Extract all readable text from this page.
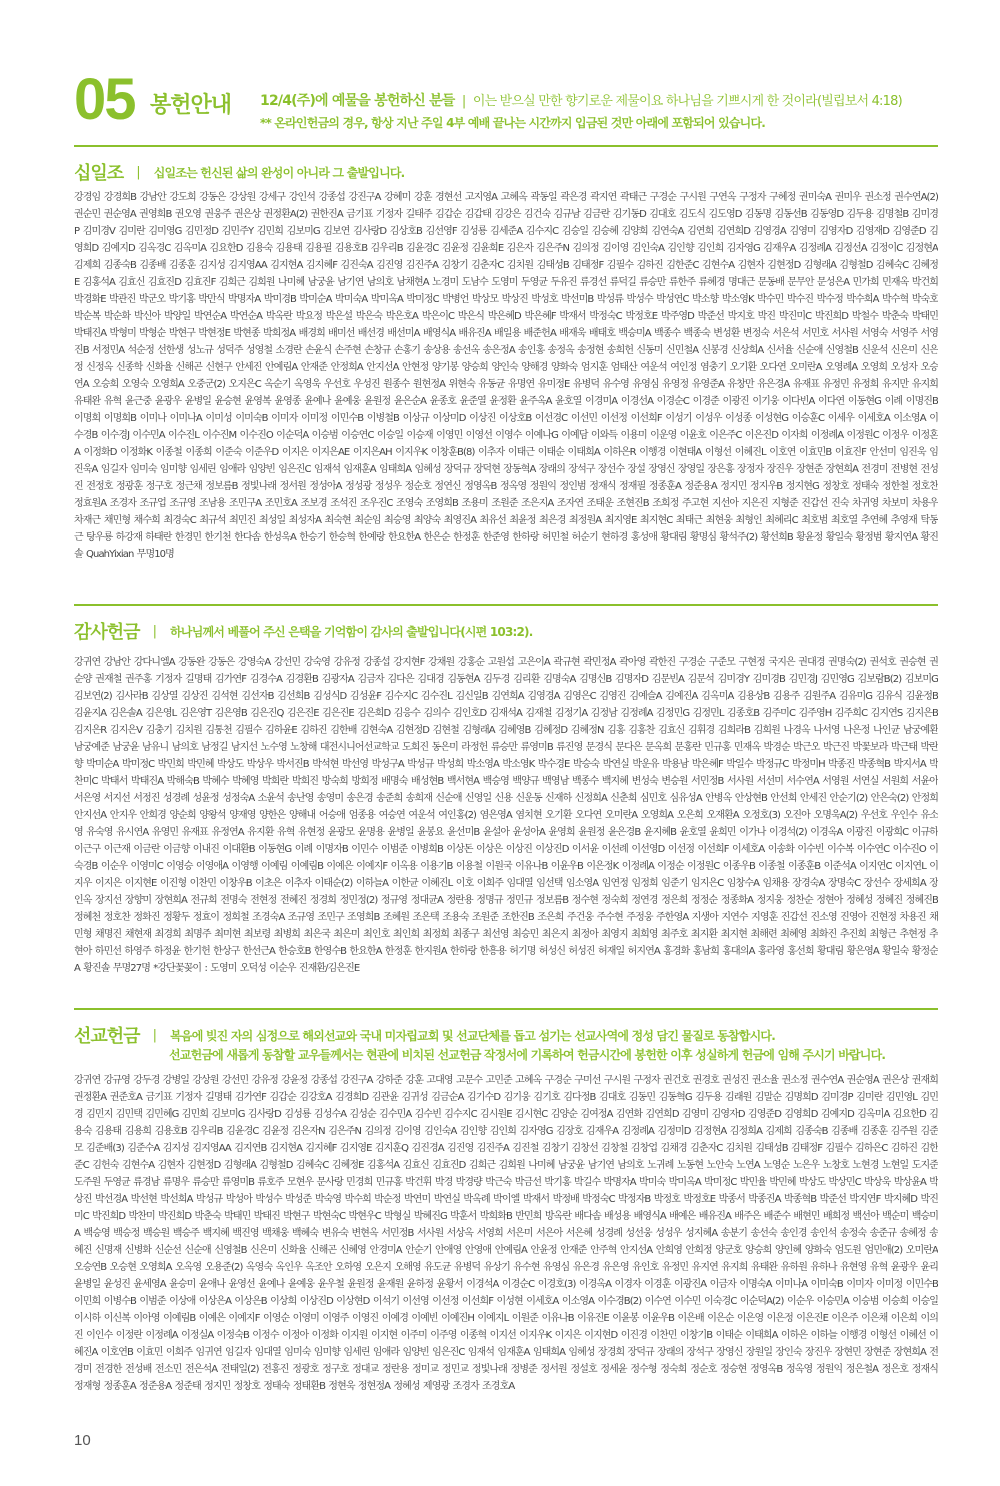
05 봉헌안내 12/4(주)에 예물을 봉헌하신 분들 | 이는 받으실 만한 향기로운 제물이요 하나님을 기쁘시게 한 것이라(빌립보서 4:18)
** 온라인헌금의 경우, 항상 지난 주일 4부 예배 끝나는 시간까지 입금된 것만 아래에 포함되어 있습니다.
십일조 | 십일조는 헌신된 삶의 완성이 아니라 그 출발입니다.
강경임 강경희B 강남안 강도희 강동은 강상원 강세구 강인석 강종섭 강진구A 강혜미 강훈 경현선 고지영A 고혜옥 곽동일 곽은경 곽지연 곽태근 구경순 구시원 구연옥 구정자 구혜정 권미숙A 권미우 권소정 권수연A(2) 권순민 권순영A 권영희B 권오영 권웅주 권은상 권정환A(2) 권한진A 금기표 기정자 길태주 김갑순 김갑태 김강은 김건숙 김규남 김금란 김기동D 김대호 김도식 김도영D 김동명 김동선B 김동영D 김두용 김명철B 김미경P 김미경V 김미란 김미영G 김민정D 김민주Y 김민희 김보미G 김보연 김사랑D 김상호B 김선영F 김성룡 김세준A 김수지C 김승일 김승혜 김양희 김연숙A 김연희 김연희D 김영경A 김영미 김영자D 김영재D 김영준D 김영희D 김예지D 김옥경C 김옥미A 김요한D 김용숙 김용태 김용필 김용호B 김우리B 김윤경C 김윤정 김윤희E 김은자 김은주N 김의정 김이영 김인숙A 김인향 김인희 김자영G 김재우A 김정례A 김정선A 김정이C 김정현A 김제희 김종숙B 김종배 김종훈 김지성 김지영AA 김지현A 김지혜F 김진숙A 김진영 김진주A 김창기 김춘자C 김치원 김태성B 김태정F 김필수 김하진 김한준C 김현수A 김현자 김현정D 김형래A 김형철D 김혜숙C 김혜정E 김홍석A 김효신 김효진D 김효진F 김희근 김희원 나미혜 남궁윤 남기연 남의호 남채현A 노경미 도남수 도영미 두영균 두유진 류경선 류덕길 류승만 류한주 류혜경 명대근 문동배 문무안 문성은A 민가희 민재옥 박건희 박경화E 박관진 박군오 박기홍 박만식 박명자A 박미경B 박미순A 박미숙A 박미옥A 박미정C 박병언 박상모 박상진 박성호 박선미B 박성류 박성수 박성연C 박소향 박소영K 박수민 박수진 박수정 박수희A 박수혁 박숙호 박순복 박순화 박신아 박양일 박연순A 박연순A 박옥란 박요정 박은설 박은숙 박은호A 박은이C 박은식 박은혜D 박은혜F 박재서 박정숙C 박정호E 박주영D 박준선 박지호 박진 박진미C 박진희D 박철수 박춘숙 박태민 박태진A 박형미 박형순 박현구 박현정E 박현종 박희정A 배경희 배미선 배선경 배선미A 배영식A 배유진A 배일용 배준헌A 배재욱 배태호 백승미A 백종수 백종숙 변성환 변정숙 서은석 서민호 서사원 서영숙 서영주 서영진B 서정민A 석순정 선한생 성노규 성덕주 성영철 소경란 손윤식 손주현 손창규 손홍기 송상용 송선옥 송은정A 송인홍 송정옥 송정현 송희헌 신동미 신민철A 신봉경 신상희A 신서율 신순애 신영철B 신운석 신은미 신은정 신정옥 신종학 신화율 신해곤 신현구 안세진 안예림A 안재준 안정희A 안지선A 안현정 양기봉 양승희 양인숙 양해경 양화숙 엄지훈 엄태산 여운석 여인정 염충기 오기환 오다연 오미란A 오영례A 오영희 오성자 오승연A 오승희 오영숙 오영희A 오중군(2) 오지은C 옥순기 옥영욱 우선호 우성진 원종수 원현정A 위현숙 유동균 유명연 유미정E 유병덕 유수영 유영심 유영정 유영준A 유창만 유은경A 유재표 유정민 유정희 유지만 유지희 유태완 유혁 윤근중 윤광우 윤병일 윤승현 윤영복 윤영종 윤예나 윤예웅 윤원정 윤은순A 윤종호 윤준열 윤정환 윤주옥A 윤호열 이경미A 이경선A 이경순C 이경준 이광진 이기웅 이다빈A 이다연 이동현G 이례 이명진B 이명희 이명희B 이미나 이미나A 이미성 이미숙B 이미자 이미정 이민수B 이병철B 이상규 이상미D 이상진 이상호B 이선경C 이선민 이선정 이선희F 이성기 이성우 이성종 이성현G 이승훈C 이세우 이세호A 이소영A 이수경B 이수경J 이수민A 이수진L 이수진M 이수진O 이순덕A 이승범 이승연C 이승일 이승재 이영민 이영선 이영수 이예나G 이예담 이와득 이용미 이운영 이윤호 이은주C 이은진D 이자희 이정례A 이정원C 이정우 이정혼A 이정화D 이정화K 이종철 이종희 이준숙 이준우D 이지은 이지은AE 이지은AH 이지우K 이창훈B(8) 이추자 이태근 이태순 이태희A 이하은R 이행경 이현태A 이형선 이혜진L 이호연 이효민B 이효진F 안선미 임진욱 임진욱A 임길자 임미숙 임미향 임세린 임애라 임양빈 임은진C 임재석 임재훈A 임태희A 임혜성 장덕규 장덕현 장동혁A 장래의 장석구 장선수 장설 장영신 장영일 장은홍 장정자 장진우 장현준 장현희A 전경미 전병현 전성진 전정호 정광훈 정구호 정근채 정보름B 정빛나래 정서원 정성아A 정성광 정성우 정순호 정연신 정영옥B 정옥영 정원익 정인범 정재식 정재필 정종훈A 정준용A 정지민 정지우B 정지현G 정창호 정태숙 정한철 정호찬 정효원A 조경자 조규업 조규영 조남용 조민구A 조민호A 조보경 조석진 조우진C 조영숙 조영희B 조용미 조원준 조은지A 조자연 조태운 조현진B 조희정 주고현 지선아 지은진 지형준 진갑선 진숙 차귀영 차보미 차용우 차재근 채민형 채수희 최경숙C 최규석 최민진 최성일 최성자A 최숙현 최순임 최승영 최양숙 최영진A 최유선 최윤정 최은경 최정원A 최지영E 최지현C 최태근 최현웅 최형인 최혜리C 최호범 최호열 추연혜 추영재 탁동근 탕우룡 하강재 하태란 한경민 한기천 한다솜 한성욱A 한승기 한승혁 한예랑 한요한A 한은순 한정훈 한준영 한하랑 허민철 허순기 현하경 홍성애 황대림 황명심 황석주(2) 황선희B 황윤정 황일숙 황정범 황지연A 황진솔 QuahYixian 무명10명
감사헌금 | 하나님께서 베풀어 주신 은택을 기억함이 감사의 출발입니다(시편 103:2).
강귀연 강남안 강다니엘A 강동완 강동은 강영숙A 강선민 강숙영 강유정 강종섭 강지현F 강채원 강홍순 고원섭 고은이A 곽규현 곽민정A 곽아영 곽한진 구경순 구준모 구현정 국지은 권대경 권명숙(2) 권석호 권승현 권순양 권재철 권주홍 기정자 길명태 김가연F 김경수A 김경환B 김광자A 김금자 김다은 김대경 김동현A 김두경 김리환 김명숙A 김명신B 김명자D 김문빈A 김문석 김미경Y 김미경B 김민경J 김민영G 김보람B(2) 김보미G 김보연(2) 김사라B 김상열 김상진 김석현 김선자B 김선희B 김성식D 김성윤F 김수지C 김수진L 김신일B 김연희A 김영경A 김영은C 김영진 김예슬A 김예진A 김옥미A 김용상B 김용주 김원주A 김유미G 김유식 김윤정B 김윤지A 김은솔A 김은영L 김은영T 김은영B 김은진Q 김은진E 김은진E 김은희D 김응수 김의수 김인호D 김재석A 김재철 김정기A 김정남 김정례A 김정민G 김정민L 김종호B 김주미C 김주영H 김주희C 김지연S 김지은B 김지은R 김지은V 김충기 김치원 김통천 김필수 김하윤E 김하진 김한배 김현숙A 김현정D 김현철 김형래A 김혜영B 김혜정D 김혜정N 김홍 김홍찬 김효신 김휘경 김희라B 김희원 나경옥 나서영 나은정 나인균 남궁예환 남궁예준 남궁윤 남유니 남의호 남정길 남지선 노수영 노창해 대전시니어선교학교 도희진 동은미 라정헌 류승만 류영미B 류진영 문경식 문다은 문옥희 문홍란 민규홍 민재옥 박경순 박근오 박근진 박꽃보라 박근태 박란향 박미순A 박미정C 박민희 박민혜 박상도 박상우 박서진B 박석현 박선영 박성구A 박성규 박성희 박소영A 박소영K 박수경E 박승숙 박연실 박운유 박용남 박은혜F 박일수 박정규C 박정미H 박종진 박종혁B 박지서A 박찬미C 박태서 박태진A 박해숙B 박혜수 박혜영 박희란 박희진 방숙희 방희정 배명숙 배성현B 백서현A 백승영 백양규 백영남 백종수 백지혜 변성숙 변승원 서민정B 서사원 서선미 서수연A 서영원 서연실 서원희 서윤아 서은영 서지선 서정진 성경례 성윤정 성정숙A 소윤석 송난영 송영미 송은경 송준희 송희재 신순애 신영일 신용 신운동 신재하 신정희A 신춘희 심민호 심유성A 안병옥 안상현B 안선희 안세진 안순기(2) 안은숙(2) 안정희 안지선A 안지우 안희경 양순희 양왕석 양재영 양한은 양해내 어승애 엄종용 여승연 여운석 여인홍(2) 염은영A 염치현 오기환 오다연 오미란A 오영희A 오은희 오재환A 오정호(3) 오진아 오명욱A(2) 우선호 우인수 유소영 유숙영 유시연A 유영민 유재표 유정연A 유지환 유혁 유현정 윤광모 윤명용 윤병일 윤봉요 윤선미B 윤설아 윤성아A 윤영희 윤원정 윤은경B 윤지혜B 윤호열 윤희민 이가나 이경석(2) 이경옥A 이광진 이광희C 이규하 이근구 이근재 이금란 이금향 이내진 이대환B 이동현G 이례 이명자B 이민수 이범준 이병희B 이상돈 이상은 이상진 이상진D 이서윤 이선례 이선영D 이선정 이선희F 이세호A 이송화 이수빈 이수복 이수연C 이수진O 이숙경B 이순우 이영미C 이영승 이영애A 이영행 이예림 이예림B 이예은 이예지F 이옥용 이용기B 이용철 이원국 이유나B 이윤우B 이은정K 이정례A 이정순 이정원C 이종우B 이종철 이종훈B 이준석A 이지연C 이지연L 이지우 이지은 이지현E 이진형 이찬민 이창우B 이초은 이추자 이태순(2) 이하늘A 이한균 이혜진L 이호 이희주 임대열 임선택 임소영A 임연정 임정희 임준기 임지은C 임창수A 임채용 장경숙A 장명숙C 장선수 장세희A 장인옥 장지선 장향미 장현희A 전규희 전명숙 전현정 전혜진 정경희 정민정(2) 정규영 정대균A 정란용 정명규 정민규 정보름B 정수현 정숙희 정연경 정은희 정정순 정종화A 정지웅 정찬순 정현아 정혜성 정혜진 정혜진B 정혜천 정호찬 정화진 정황두 정효이 정희철 조경숙A 조규영 조민구 조영희B 조혜원 조은택 조용숙 조원준 조한진B 조은희 주건웅 주수현 주정웅 주한영A 지생아 지연수 지영훈 진갑선 진소영 진영아 진현정 차용진 채민형 채명진 채현재 최경희 최명주 최미현 최보령 최병희 최은국 최은미 최인호 최인희 최정희 최종구 최선영 최승민 최은지 최정아 최영지 최희영 최주호 최지환 최지현 최해련 최혜영 최화진 추진희 최형근 추현정 추현아 하민선 하영주 하정윤 한기헌 한상구 한선근A 한승호B 한영수B 한요한A 한정훈 한지원A 한하랑 한흥용 허기명 허성신 허성진 허재일 허지연A 홍경화 홍남희 홍대의A 홍라영 홍선희 황대림 황은영A 황일숙 황정순A 황진솔 무명27명 *강단꽃꽂이 : 도영미 오덕성 이순우 진재환/김은진E
선교헌금 | 복음에 빚진 자의 심정으로 해외선교와 국내 미자립교회 및 선교단체를 돕고 섬기는 선교사역에 정성 담긴 물질로 동참합시다.
선교헌금에 새롭게 동참할 교우들께서는 현관에 비치된 선교헌금 작정서에 기록하여 헌금시간에 봉헌한 이후 성실하게 헌금에 임해 주시기 바랍니다.
강귀연 강규영 강두경 강병일 강상원 강선민 강유정 강윤정 강종섭 강진구A 강하준 강훈 고대영 고문수 고민준 고혜옥 구경순 구미선 구시원 구정자 권건호 권경호 권성진 권소율 권소정 권수연A 권순영A 권은상 권재희 권정환A 권준호A 금기표 기정자 길명태 김가연F 김갑순 김강호A 김경희D 김관윤 김귀성 김금순A 김기수D 김기웅 김기호 김다정B 김대호 김동민 김동혁G 김두용 김래원 김말순 김명희D 김미경P 김미란 김민영L 김민경 김민지 김민택 김민혜G 김민희 김보미G 김사랑D 김성룡 김성수A 김성순 김수민A 김수빈 김수지C 김시원E 김시현C 김양순 김여정A 김연화 김연희D 김영미 김영자D 김영준D 김영희D 김예지D 김옥미A 김요한D 김용숙 김용태 김용희 김용호B 김우리B 김윤경C 김윤정 김은자N 김은주N 김의정 김이영 김인숙A 김인향 김인희 김자영G 김장호 김재우A 김정례A 김정미D 김정현A 김정희A 김제희 김종숙B 김종배 김종훈 김주원 김준모 김준배(3) 김준수A 김지성 김지영AA 김지연B 김지현A 김지혜F 김지영E 김지훈Q 김진경A 김진영 김진주A 김진철 김창기 김창선 김창철 김창업 김채경 김춘자C 김치원 김태성B 김태정F 김필수 김하은C 김하진 김한준C 김헌숙 김현수A 김현자 김현정D 김형래A 김형철D 김혜숙C 김혜정E 김홍석A 김효신 김효진D 김희근 김희원 나미혜 남궁윤 남기연 남의호 노귀례 노동현 노안숙 노연A 노영순 노은우 노창호 노현경 노현일 도지준 도주원 두영균 류경남 류명우 류승만 류영미B 류호주 모현우 문사랑 민경희 민규홍 박건휘 박경 박경량 박근숙 박금선 박기홍 박길수 박명자A 박미숙 박미옥A 박미정C 박민율 박민혜 박상도 박상민C 박상욱 박상윤A 박상진 박선경A 박선현 박선희A 박성규 박성아 박성수 박성준 박숙영 박수희 박순정 박연미 박연실 박옥례 박이엘 박재서 박정배 박정숙C 박정자B 박정호 박정호E 박종서 박종진A 박종혁B 박준선 박지연F 박지혜D 박진미C 박진희D 박찬미 박진희D 박춘숙 박태민 박태진 박현구 박현숙C 박현우C 박형실 박혜진G 박훈서 박희화B 반민희 방옥란 배다솜 배성용 배영식A 배예은 배유진A 배주은 배준수 배현민 배희정 백선아 백순미 백승미A 백승영 백승정 백승원 백승주 백지혜 백진영 백채웅 백혜숙 변유숙 변현옥 서민정B 서사원 서상옥 서영희 서은미 서은아 서은혜 성경례 성선웅 성성우 성지혜A 송분기 송선숙 송인경 송인석 송정숙 송준규 송혜정 송혜진 신명재 신병화 신순선 신순애 신영철B 신은미 신화율 신해곤 신혜영 안경미A 안순기 안애영 안영애 안예림A 안윤정 안재준 안주혁 안지선A 안희영 안희정 양군호 양승희 양인혜 양화숙 엄도원 엄민애(2) 오미란A 오승연B 오승현 오영희A 오옥영 오용준(2) 옥영숙 옥인우 옥조안 오하영 오은지 오해영 유도균 유병덕 유상기 유수현 유영심 유은경 유은영 유인호 유정민 유지연 유지희 유태완 유하원 유하나 유현영 유혁 윤광우 윤리 윤병일 윤성진 윤세영A 윤승미 윤애나 윤영선 윤예나 윤예웅 윤우철 윤원정 윤재원 윤하정 윤황서 이경석A 이경순C 이경호(3) 이경옥A 이경자 이경훈 이광진A 이금자 이명숙A 이미나A 이미숙B 이미자 이미정 이민수B 이민희 이병수B 이범준 이상애 이상은A 이상은B 이상희 이상진D 이상현D 이석기 이선영 이선정 이선희F 이성현 이세호A 이소영A 이수경B(2) 이수연 이수민 이숙경C 이순덕A(2) 이순우 이승민A 이승범 이승희 이승일 이시하 이신복 이아영 이예림B 이예은 이예지F 이영순 이영미 이영주 이영진 이예경 이예빈 이예진H 이예지L 이원준 이유나B 이유진E 이윤봉 이윤우B 이은배 이은순 이은영 이은정 이은진E 이은주 이은채 이은희 이의진 이인수 이정란 이정례A 이정실A 이정숙B 이정수 이정아 이정화 이지원 이지현 이주미 이주영 이종혁 이지선 이지우K 이지은 이지현D 이진경 이찬민 이창기B 이태순 이태희A 이하은 이하늘 이행경 이형선 이혜선 이혜진A 이호연B 이효민 이희주 임귀연 임길자 임대열 임미숙 임미향 임세린 임애라 임양빈 임은진C 임재석 임재훈A 임태희A 임혜성 장경희 장덕규 장래의 장석구 장영신 장원일 장인숙 장진우 장현민 장현준 장현희A 전경미 전경한 전성배 전소민 전은석A 전태일(2) 전홍진 정광호 정구호 정대교 정란용 정미교 정민교 정빛나래 정병준 정서원 정설호 정세윤 정수형 정숙희 정순호 정승현 정영옥B 정옥영 정원익 정은철A 정은호 정재식 정재형 정종훈A 정준용A 정준태 정지민 정창호 정태숙 정태환B 정현욱 정현정A 정혜성 제영광 조경자 조경호A
10
